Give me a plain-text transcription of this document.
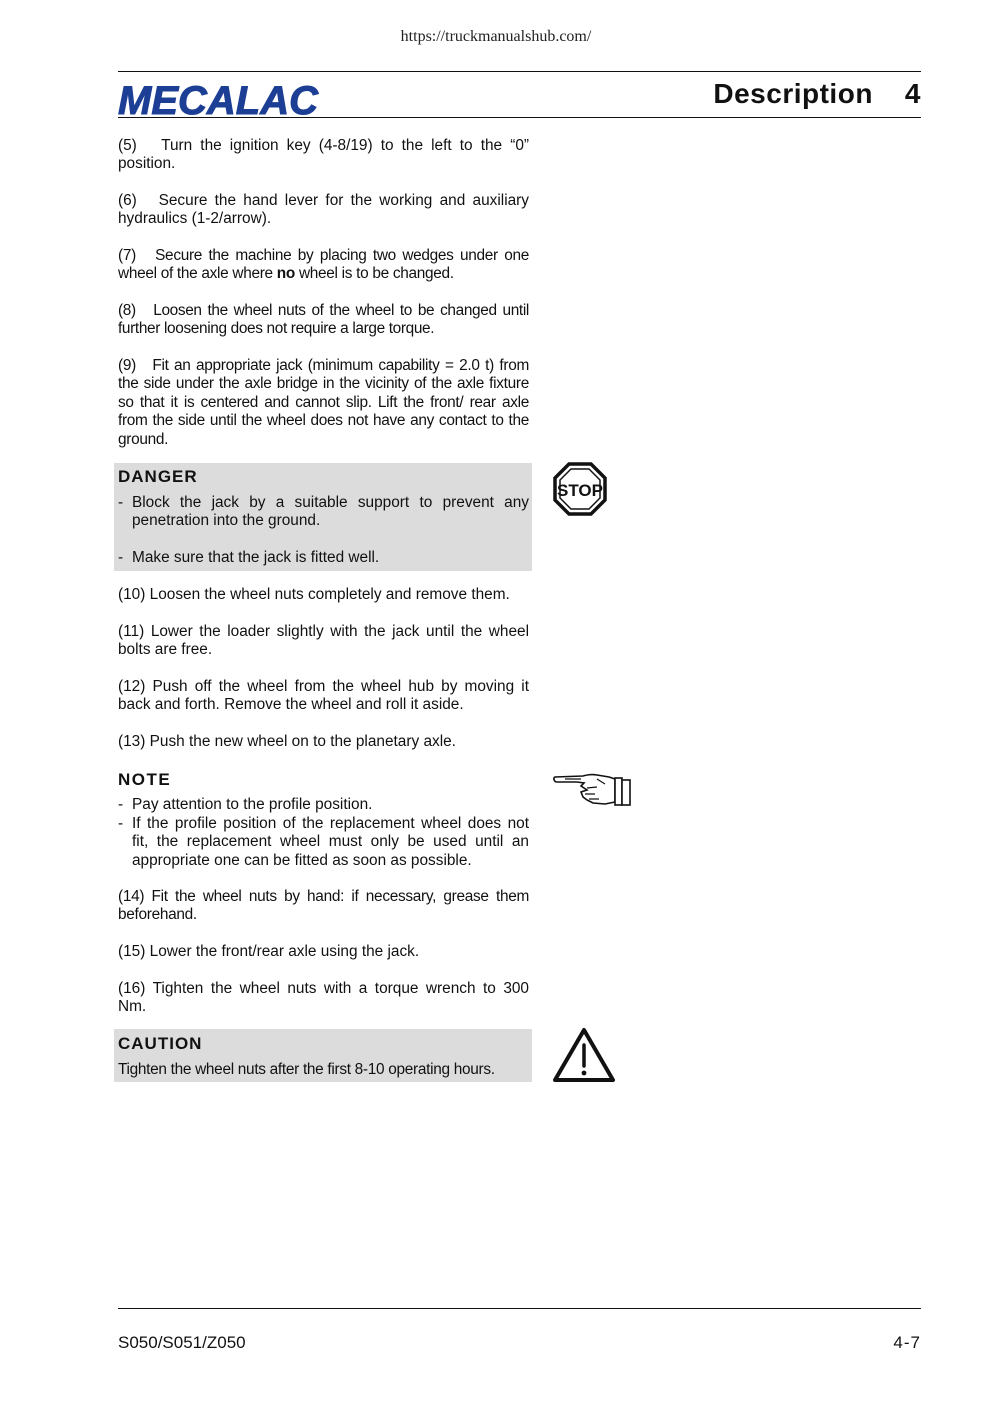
https://truckmanualshub.com/
MECALAC	Description 4
(5) Turn the ignition key (4-8/19) to the left to the “0” position.
(6) Secure the hand lever for the working and auxiliary hydraulics (1-2/arrow).
(7) Secure the machine by placing two wedges under one wheel of the axle where no wheel is to be changed.
(8) Loosen the wheel nuts of the wheel to be changed until further loosening does not require a large torque.
(9) Fit an appropriate jack (minimum capability = 2.0 t) from the side under the axle bridge in the vicinity of the axle fixture so that it is centered and cannot slip. Lift the front/ rear axle from the side until the wheel does not have any contact to the ground.
DANGER
- Block the jack by a suitable support to prevent any penetration into the ground.
- Make sure that the jack is fitted well.
STOP
(10) Loosen the wheel nuts completely and remove them.
(11) Lower the loader slightly with the jack until the wheel bolts are free.
(12) Push off the wheel from the wheel hub by moving it back and forth. Remove the wheel and roll it aside.
(13) Push the new wheel on to the planetary axle.
NOTE
- Pay attention to the profile position.
- If the profile position of the replacement wheel does not fit, the replacement wheel must only be used until an appropriate one can be fitted as soon as possible.
(14) Fit the wheel nuts by hand: if necessary, grease them beforehand.
(15) Lower the front/rear axle using the jack.
(16) Tighten the wheel nuts with a torque wrench to 300 Nm.
CAUTION
Tighten the wheel nuts after the first 8-10 operating hours.
S050/S051/Z050	4-7
